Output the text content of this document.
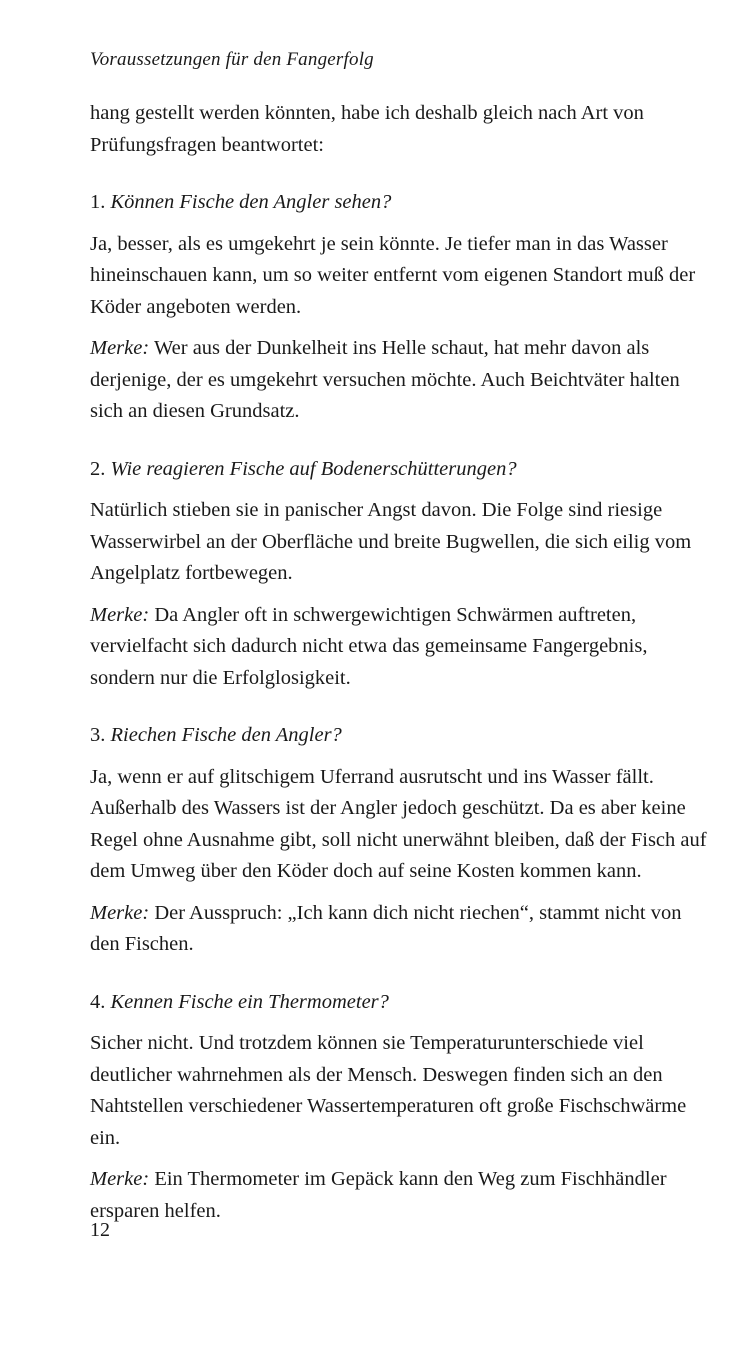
Voraussetzungen für den Fangerfolg

hang gestellt werden könnten, habe ich deshalb gleich nach Art von Prüfungsfragen beantwortet:

1. Können Fische den Angler sehen?

Ja, besser, als es umgekehrt je sein könnte. Je tiefer man in das Wasser hineinschauen kann, um so weiter entfernt vom eigenen Standort muß der Köder angeboten werden.

Merke: Wer aus der Dunkelheit ins Helle schaut, hat mehr davon als derjenige, der es umgekehrt versuchen möchte. Auch Beichtväter halten sich an diesen Grundsatz.

2. Wie reagieren Fische auf Bodenerschütterungen?

Natürlich stieben sie in panischer Angst davon. Die Folge sind riesige Wasserwirbel an der Oberfläche und breite Bugwellen, die sich eilig vom Angelplatz fortbewegen.

Merke: Da Angler oft in schwergewichtigen Schwärmen auftreten, vervielfacht sich dadurch nicht etwa das gemeinsame Fangergebnis, sondern nur die Erfolglosigkeit.

3. Riechen Fische den Angler?

Ja, wenn er auf glitschigem Uferrand ausrutscht und ins Wasser fällt. Außerhalb des Wassers ist der Angler jedoch geschützt. Da es aber keine Regel ohne Ausnahme gibt, soll nicht unerwähnt bleiben, daß der Fisch auf dem Umweg über den Köder doch auf seine Kosten kommen kann.

Merke: Der Ausspruch: „Ich kann dich nicht riechen“, stammt nicht von den Fischen.

4. Kennen Fische ein Thermometer?

Sicher nicht. Und trotzdem können sie Temperaturunterschiede viel deutlicher wahrnehmen als der Mensch. Deswegen finden sich an den Nahtstellen verschiedener Wassertemperaturen oft große Fischschwärme ein.

Merke: Ein Thermometer im Gepäck kann den Weg zum Fischhändler ersparen helfen.

12
